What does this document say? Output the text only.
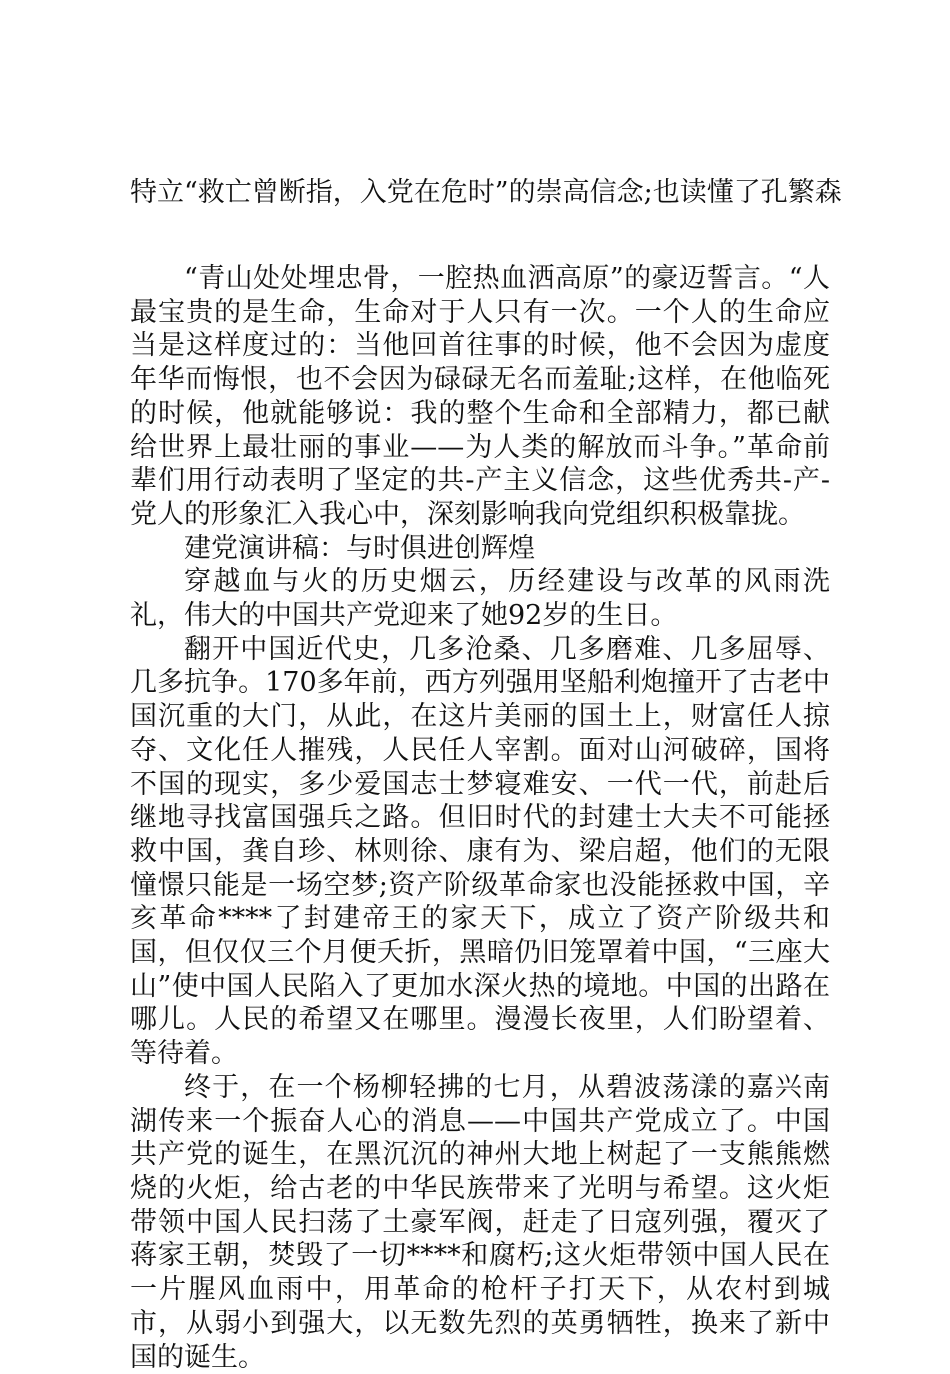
特立“救亡曾断指，入党在危时”的崇高信念;也读懂了孔繁森

“青山处处埋忠骨，一腔热血洒高原”的豪迈誓言。“人最宝贵的是生命，生命对于人只有一次。一个人的生命应当是这样度过的：当他回首往事的时候，他不会因为虚度年华而悔恨，也不会因为碌碌无名而羞耻;这样，在他临死的时候，他就能够说：我的整个生命和全部精力，都已献给世界上最壮丽的事业——为人类的解放而斗争。”革命前辈们用行动表明了坚定的共-产主义信念，这些优秀共-产-党人的形象汇入我心中，深刻影响我向党组织积极靠拢。

建党演讲稿：与时俱进创辉煌

穿越血与火的历史烟云，历经建设与改革的风雨洗礼，伟大的中国共产党迎来了她92岁的生日。

翻开中国近代史，几多沧桑、几多磨难、几多屈辱、几多抗争。170多年前，西方列强用坚船利炮撞开了古老中国沉重的大门，从此，在这片美丽的国土上，财富任人掠夺、文化任人摧残，人民任人宰割。面对山河破碎，国将不国的现实，多少爱国志士梦寝难安、一代一代，前赴后继地寻找富国强兵之路。但旧时代的封建士大夫不可能拯救中国，龚自珍、林则徐、康有为、梁启超，他们的无限憧憬只能是一场空梦;资产阶级革命家也没能拯救中国，辛亥革命****了封建帝王的家天下，成立了资产阶级共和国，但仅仅三个月便夭折，黑暗仍旧笼罩着中国，“三座大山”使中国人民陷入了更加水深火热的境地。中国的出路在哪儿。人民的希望又在哪里。漫漫长夜里，人们盼望着、等待着。

终于，在一个杨柳轻拂的七月，从碧波荡漾的嘉兴南湖传来一个振奋人心的消息——中国共产党成立了。中国共产党的诞生，在黑沉沉的神州大地上树起了一支熊熊燃烧的火炬，给古老的中华民族带来了光明与希望。这火炬带领中国人民扫荡了土豪军阀，赶走了日寇列强，覆灭了蒋家王朝，焚毁了一切****和腐朽;这火炬带领中国人民在一片腥风血雨中，用革命的枪杆子打天下，从农村到城市，从弱小到强大，以无数先烈的英勇牺牲，换来了新中国的诞生。
